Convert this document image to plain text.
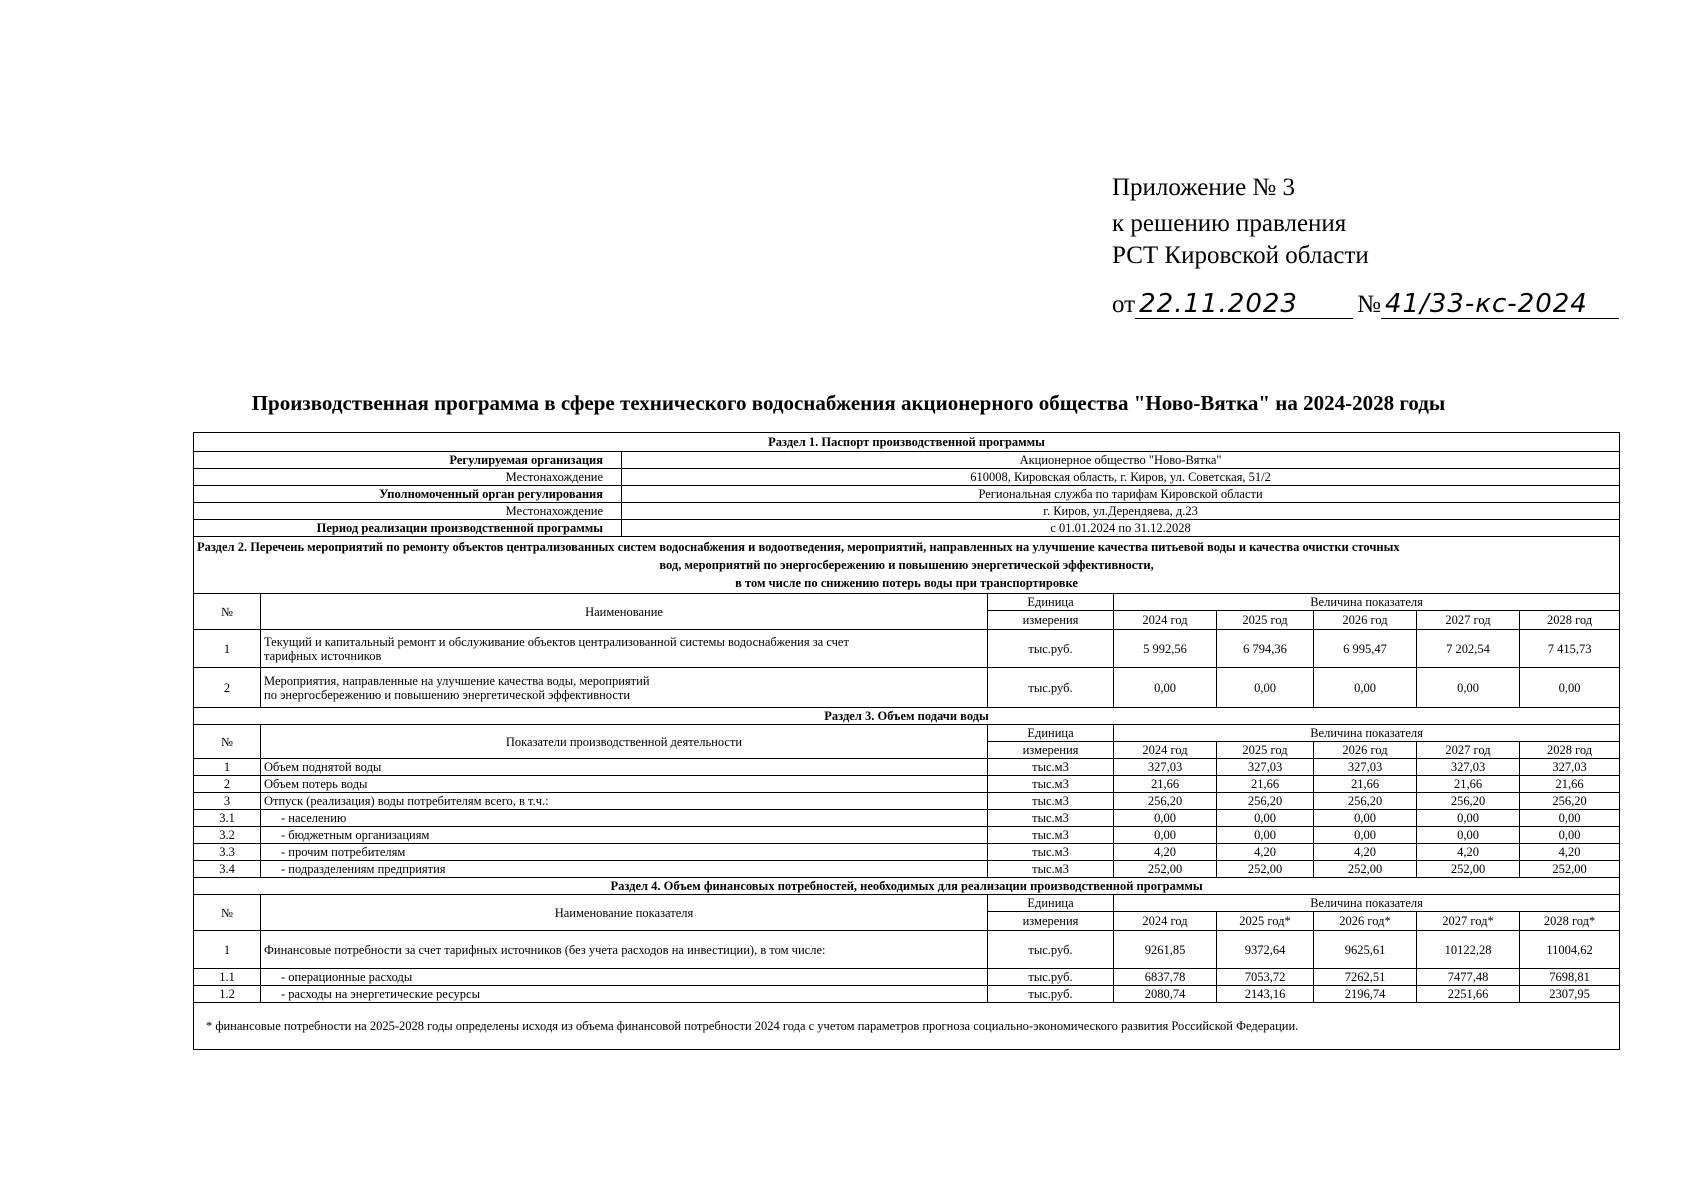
Приложение № 3
к решению правления
РСТ Кировской области
от 22.11.2023 № 41/33-кс-2024
Производственная программа в сфере технического водоснабжения акционерного общества "Ново-Вятка" на 2024-2028 годы
Раздел 1. Паспорт производственной программы								
Регулируемая организация		Акционерное общество "Ново-Вятка"						
Местонахождение		610008, Кировская область, г. Киров, ул. Советская, 51/2						
Уполномоченный орган регулирования		Региональная служба по тарифам Кировской области						
Местонахождение		г. Киров, ул.Дерендяева, д.23						
Период реализации производственной программы		с 01.01.2024 по 31.12.2028						

Раздел 2. Перечень мероприятий по ремонту объектов централизованных систем водоснабжения и водоотведения, мероприятий, направленных на улучшение качества питьевой воды и качества очистки сточных
вод, мероприятий по энергосбережению и повышению энергетической эффективности,
в том числе по снижению потерь воды при транспортировке								

№	Наименование		Единица	Величина показателя				
			измерения	2024 год	2025 год	2026 год	2027 год	2028 год
1	Текущий и капитальный ремонт и обслуживание объектов централизованной системы водоснабжения за счет
тарифных источников		тыс.руб.	5 992,56	6 794,36	6 995,47	7 202,54	7 415,73
2	Мероприятия, направленные на улучшение качества воды, мероприятий
по энергосбережению и повышению энергетической эффективности		тыс.руб.	0,00	0,00	0,00	0,00	0,00
Раздел 3. Объем подачи воды								
№	Показатели производственной деятельности		Единица	Величина показателя				
			измерения	2024 год	2025 год	2026 год	2027 год	2028 год
1	Объем поднятой воды		тыс.м3	327,03	327,03	327,03	327,03	327,03
2	Объем потерь воды		тыс.м3	21,66	21,66	21,66	21,66	21,66
3	Отпуск (реализация) воды потребителям всего, в т.ч.:		тыс.м3	256,20	256,20	256,20	256,20	256,20
3.1	- населению		тыс.м3	0,00	0,00	0,00	0,00	0,00
3.2	- бюджетным организациям		тыс.м3	0,00	0,00	0,00	0,00	0,00
3.3	- прочим потребителям		тыс.м3	4,20	4,20	4,20	4,20	4,20
3.4	- подразделениям предприятия		тыс.м3	252,00	252,00	252,00	252,00	252,00
Раздел 4. Объем финансовых потребностей, необходимых для реализации производственной программы								
№	Наименование показателя		Единица	Величина показателя				
			измерения	2024 год	2025 год*	2026 год*	2027 год*	2028 год*
1	Финансовые потребности за счет тарифных источников (без учета расходов на инвестиции), в том числе:		тыс.руб.	9261,85	9372,64	9625,61	10122,28	11004,62
1.1	- операционные расходы		тыс.руб.	6837,78	7053,72	7262,51	7477,48	7698,81
1.2	- расходы на энергетические ресурсы		тыс.руб.	2080,74	2143,16	2196,74	2251,66	2307,95
* финансовые потребности на 2025-2028 годы определены исходя из объема финансовой потребности 2024 года с учетом параметров прогноза социально-экономического развития Российской Федерации.								
